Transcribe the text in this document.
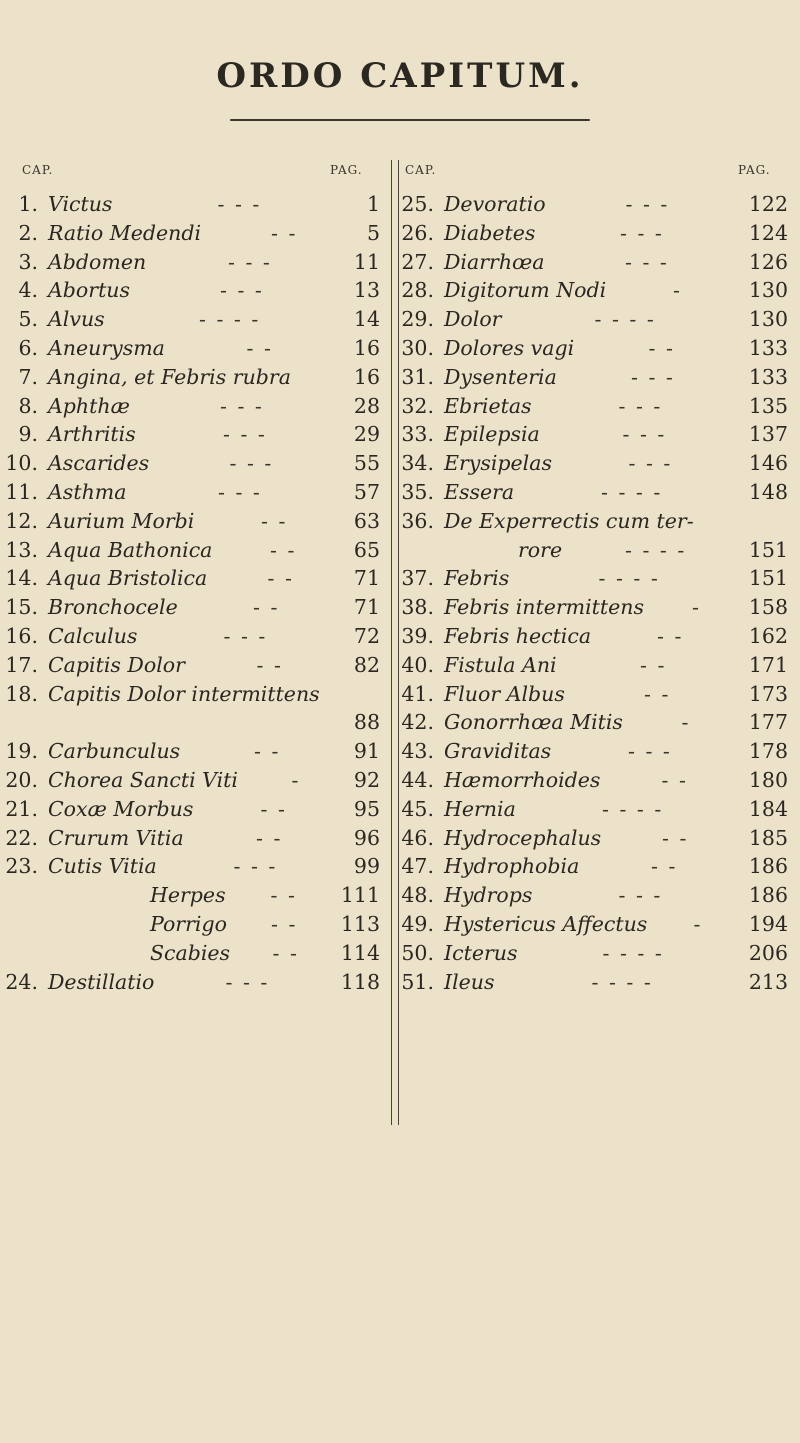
ORDO CAPITUM.
CAP.	PAG.	CAP.	PAG.
1. Victus	1
- - -
2. Ratio Medendi	5
- -
3. Abdomen	11
- - -
4. Abortus	13
- - -
5. Alvus	14
- - - -
6. Aneurysma	16
- -
7. Angina, et Febris rubra	16
8. Aphthæ	28
- - -
9. Arthritis	29
- - -
10. Ascarides	55
- - -
11. Asthma	57
- - -
12. Aurium Morbi	63
- -
13. Aqua Bathonica	65
- -
14. Aqua Bristolica	71
- -
15. Bronchocele	71
- -
16. Calculus	72
- - -
17. Capitis Dolor	82
- -
18. Capitis Dolor intermittens
88
19. Carbunculus	91
- -
20. Chorea Sancti Viti	92
-
21. Coxæ Morbus	95
- -
22. Crurum Vitia	96
- -
23. Cutis Vitia	99
- - -
Herpes	111
- -
Porrigo	113
- -
Scabies	114
- -
24. Destillatio	118
- - -
25. Devoratio	122
- - -
26. Diabetes	124
- - -
27. Diarrhœa	126
- - -
28. Digitorum Nodi	130
-
29. Dolor	130
- - - -
30. Dolores vagi	133
- -
31. Dysenteria	133
- - -
32. Ebrietas	135
- - -
33. Epilepsia	137
- - -
34. Erysipelas	146
- - -
35. Essera	148
- - - -
36. De Experrectis cum ter-
rore	151
- - - -
37. Febris	151
- - - -
38. Febris intermittens	158
-
39. Febris hectica	162
- -
40. Fistula Ani	171
- -
41. Fluor Albus	173
- -
42. Gonorrhœa Mitis	177
-
43. Graviditas	178
- - -
44. Hæmorrhoides	180
- -
45. Hernia	184
- - - -
46. Hydrocephalus	185
- -
47. Hydrophobia	186
- -
48. Hydrops	186
- - -
49. Hystericus Affectus	194
-
50. Icterus	206
- - - -
51. Ileus	213
- - - -
